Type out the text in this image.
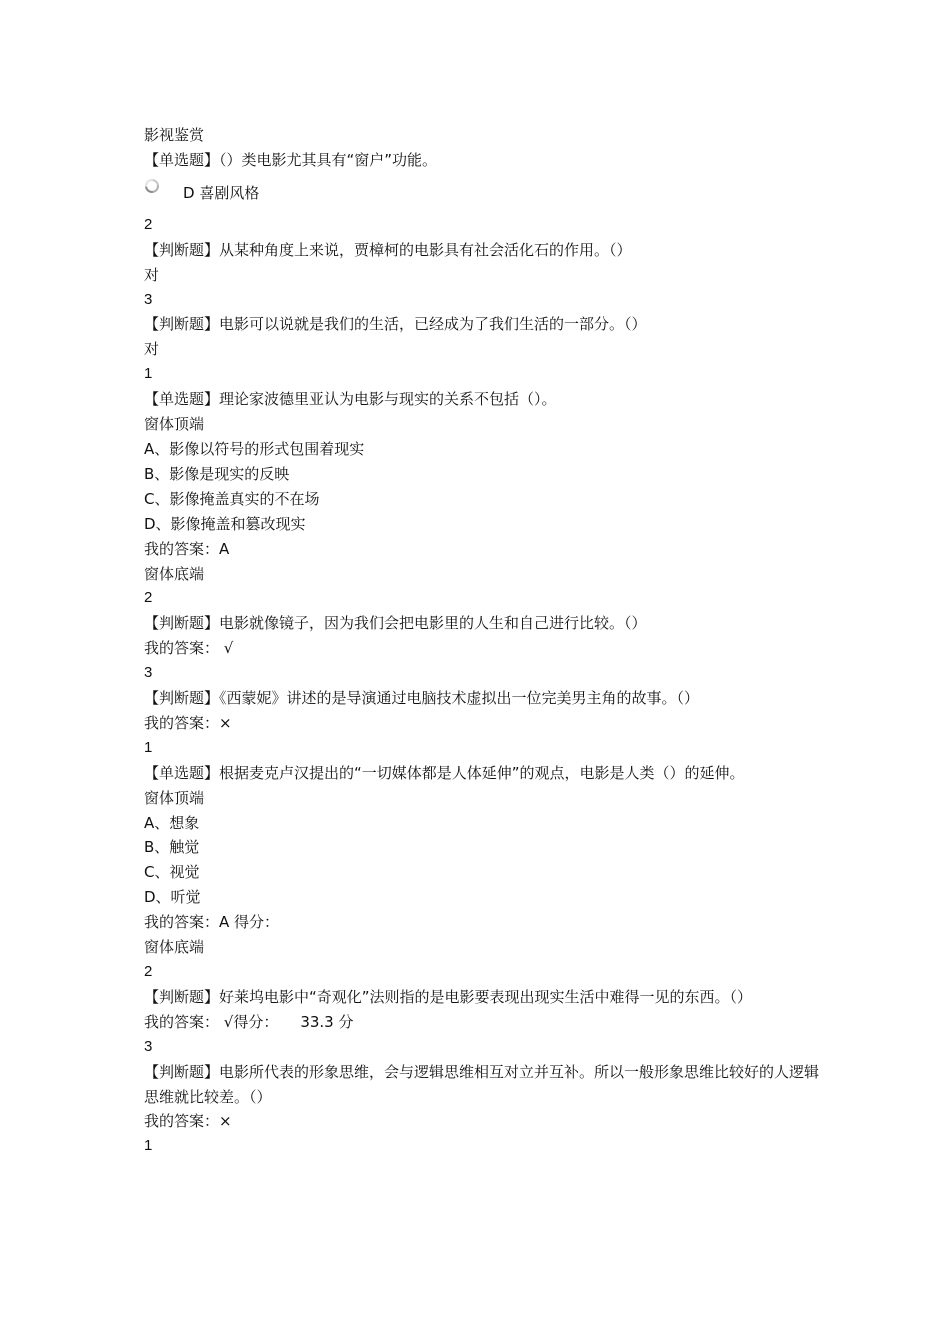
影视鉴赏
【单选题】（）类电影尤其具有“窗户”功能。
D 喜剧风格
2
【判断题】从某种角度上来说，贾樟柯的电影具有社会活化石的作用。（）
对
3
【判断题】电影可以说就是我们的生活，已经成为了我们生活的一部分。（）
对
1
【单选题】理论家波德里亚认为电影与现实的关系不包括（）。
窗体顶端
A、影像以符号的形式包围着现实
B、影像是现实的反映
C、影像掩盖真实的不在场
D、影像掩盖和篡改现实
我的答案：A
窗体底端
2
【判断题】电影就像镜子，因为我们会把电影里的人生和自己进行比较。（）
我的答案： √
3
【判断题】《西蒙妮》讲述的是导演通过电脑技术虚拟出一位完美男主角的故事。（）
我的答案：×
1
【单选题】根据麦克卢汉提出的“一切媒体都是人体延伸”的观点，电影是人类（）的延伸。
窗体顶端
A、想象
B、触觉
C、视觉
D、听觉
我的答案：A 得分：
窗体底端
2
【判断题】好莱坞电影中“奇观化”法则指的是电影要表现出现实生活中难得一见的东西。（）
我的答案： √得分： 33.3 分
3
【判断题】电影所代表的形象思维，会与逻辑思维相互对立并互补。所以一般形象思维比较好的人逻辑思维就比较差。（）
我的答案：×
1
